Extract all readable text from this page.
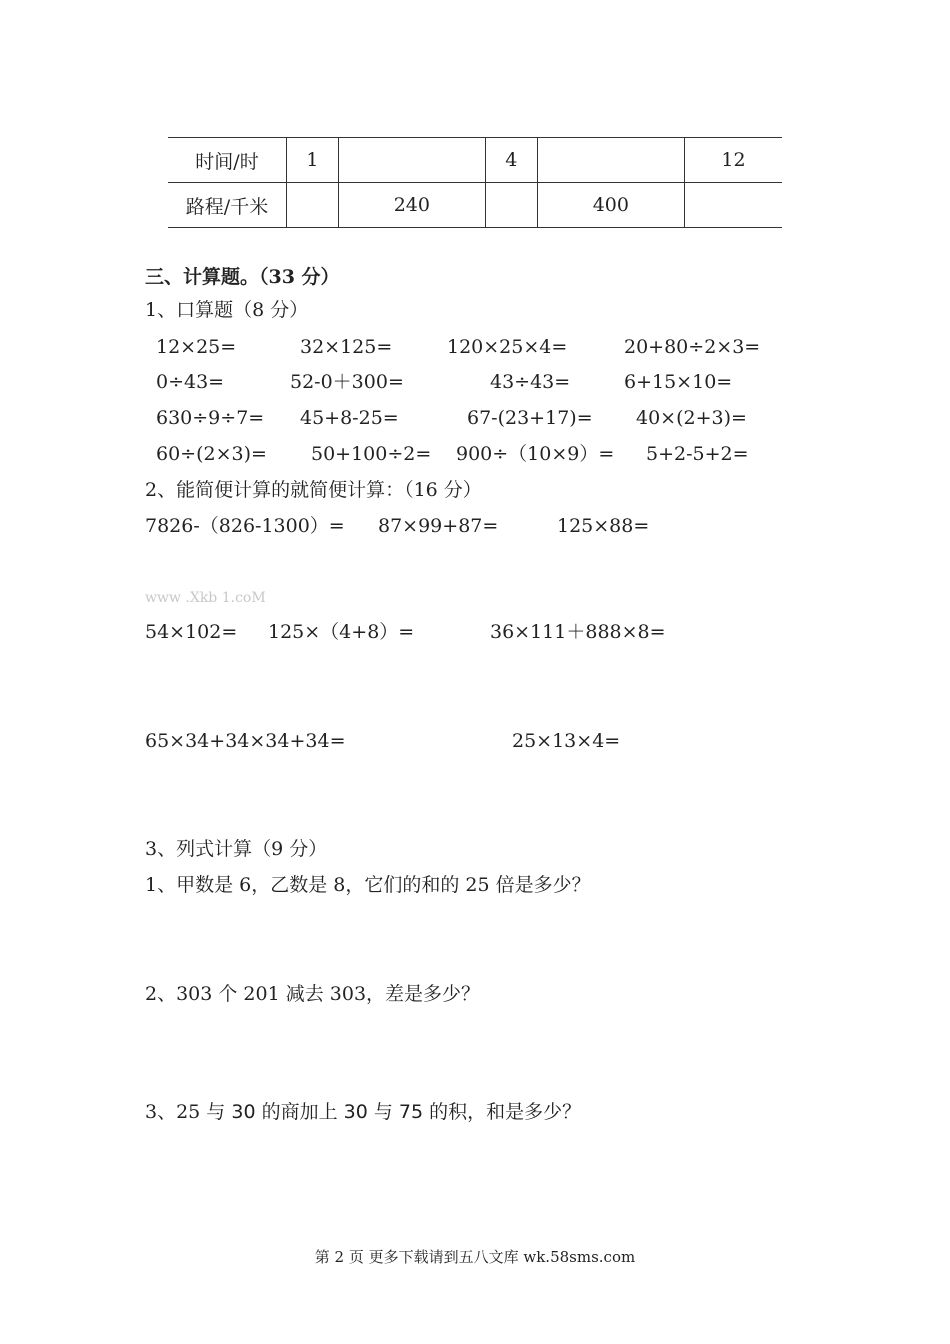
时间/时	1		4		12
路程/千米		240		400	
三、计算题。（33 分）
1、口算题（8 分）
12×25=	32×125=	120×25×4=	20+80÷2×3=
0÷43=	52-0＋300=	43÷43=	6+15×10=
630÷9÷7= 45+8-25=	67-(23+17)= 40×(2+3)=
60÷(2×3)= 50+100÷2= 900÷（10×9）= 5+2-5+2=
2、能简便计算的就简便计算：（16 分）
7826-（826-1300）= 87×99+87=	125×88=
www .Xkb 1.coM
54×102= 125×（4+8）=	36×111＋888×8=
65×34+34×34+34=	25×13×4=
3、列式计算（9 分）
1、甲数是 6，乙数是 8，它们的和的 25 倍是多少？
2、303 个 201 减去 303，差是多少？
3、25 与 30 的商加上 30 与 75 的积，和是多少？
第 2 页 更多下载请到五八文库 wk.58sms.com
